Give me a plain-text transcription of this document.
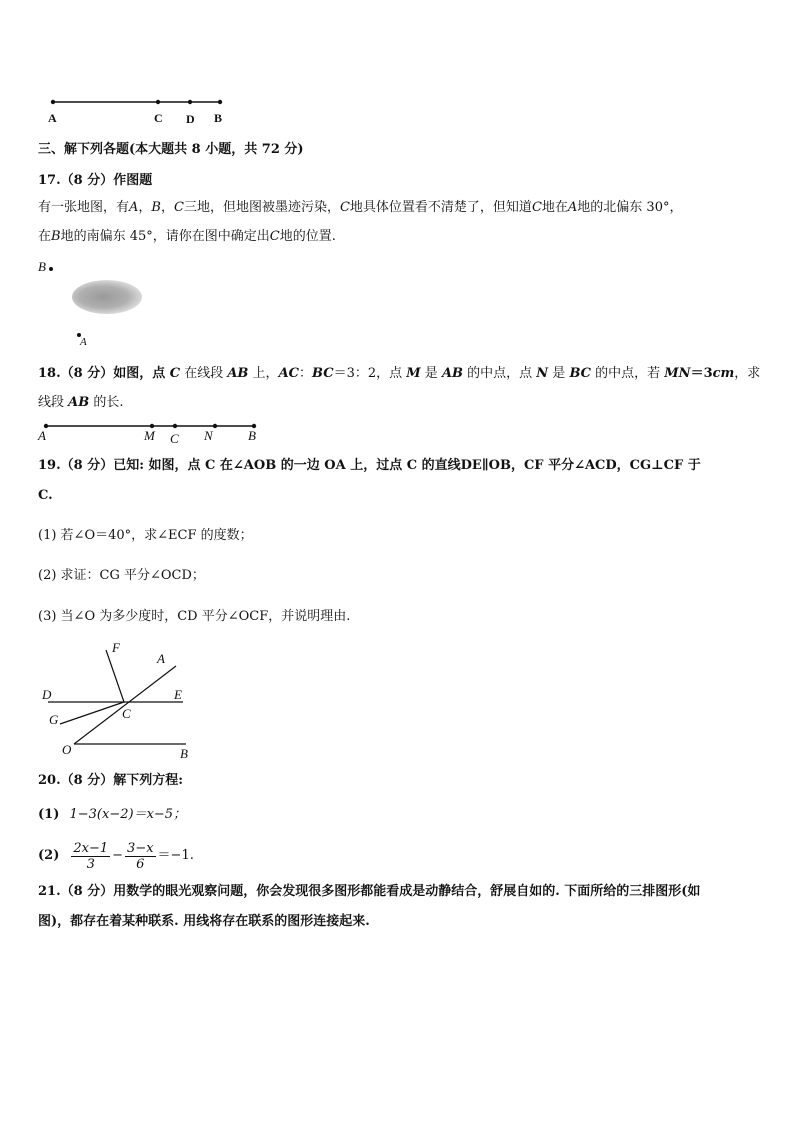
A	C D B
三、解下列各题(本大题共 8 小题，共 72 分)
17.（8 分）作图题
有一张地图，有A，B，C三地，但地图被墨迹污染，C地具体位置看不清楚了，但知道C地在A地的北偏东 30°，
在B地的南偏东 45°，请你在图中确定出C地的位置.
B
A
18.（8 分）如图，点 C 在线段 AB 上，AC：BC＝3：2，点 M 是 AB 的中点，点 N 是 BC 的中点，若 MN＝3cm，求
线段 AB 的长.
A	M C N	B
19.（8 分）已知: 如图，点 C 在∠AOB 的一边 OA 上，过点 C 的直线DE∥OB，CF 平分∠ACD，CG⊥CF 于
C.
(1) 若∠O＝40°，求∠ECF 的度数；
(2) 求证：CG 平分∠OCD；
(3) 当∠O 为多少度时，CD 平分∠OCF，并说明理由.
F
A
D	E
C
G
O	B
20.（8 分）解下列方程:
(1) 1−3(x−2)＝x−5；
$(2) \frac{2x-1}{3} - \frac{3-x}{6} =-1$.
21.（8 分）用数学的眼光观察问题，你会发现很多图形都能看成是动静结合，舒展自如的. 下面所给的三排图形(如
图)，都存在着某种联系. 用线将存在联系的图形连接起来.
